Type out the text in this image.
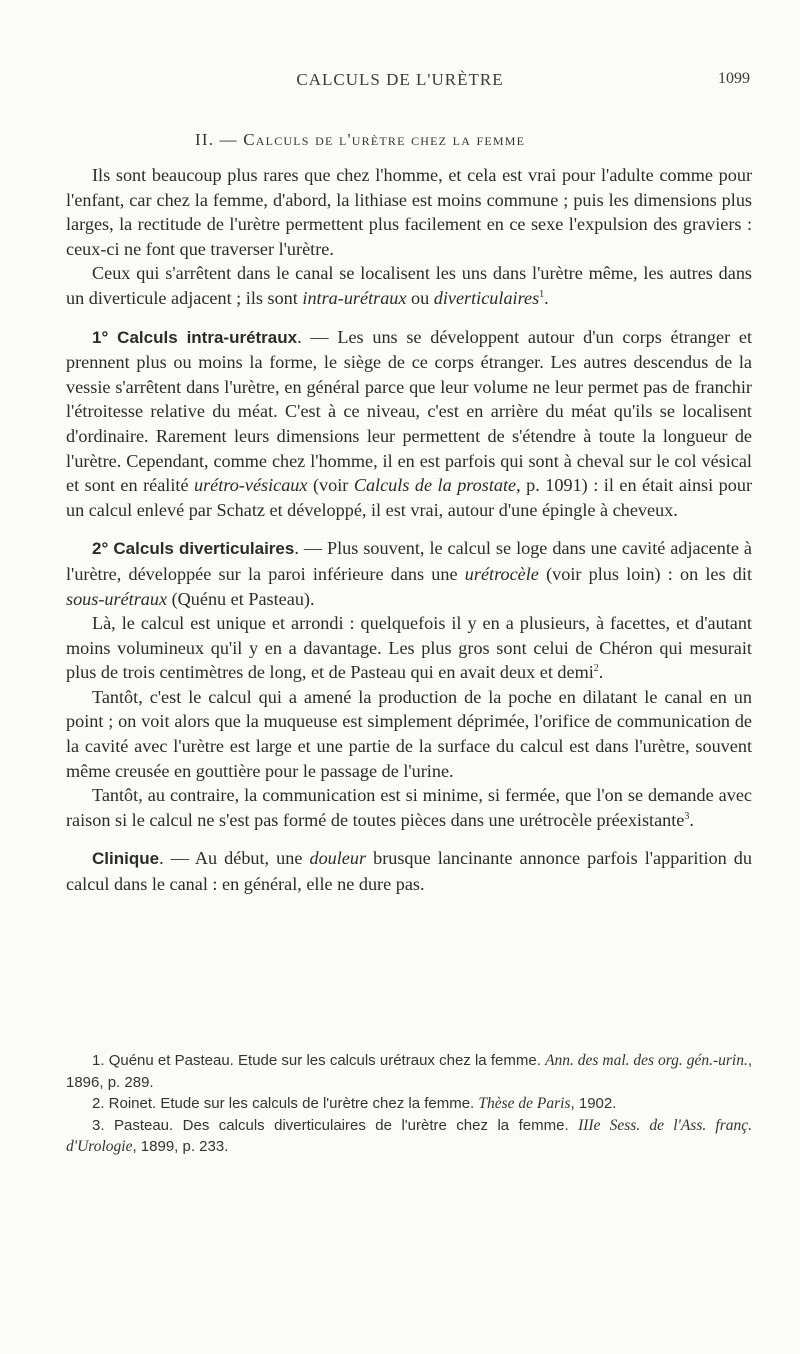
CALCULS DE L'URÈTRE	1099
II. — Calculs de l'urètre chez la femme

Ils sont beaucoup plus rares que chez l'homme, et cela est vrai pour l'adulte comme pour l'enfant, car chez la femme, d'abord, la lithiase est moins commune ; puis les dimensions plus larges, la rectitude de l'urètre permettent plus facilement en ce sexe l'expulsion des graviers : ceux-ci ne font que traverser l'urètre.

Ceux qui s'arrêtent dans le canal se localisent les uns dans l'urètre même, les autres dans un diverticule adjacent ; ils sont intra-urétraux ou diverticulaires$^1$.

1° Calculs intra-urétraux. — Les uns se développent autour d'un corps étranger et prennent plus ou moins la forme, le siège de ce corps étranger. Les autres descendus de la vessie s'arrêtent dans l'urètre, en général parce que leur volume ne leur permet pas de franchir l'étroitesse relative du méat. C'est à ce niveau, c'est en arrière du méat qu'ils se localisent d'ordinaire. Rarement leurs dimensions leur permettent de s'étendre à toute la longueur de l'urètre. Cependant, comme chez l'homme, il en est parfois qui sont à cheval sur le col vésical et sont en réalité urétro-vésicaux (voir Calculs de la prostate, p. 1091) : il en était ainsi pour un calcul enlevé par Schatz et développé, il est vrai, autour d'une épingle à cheveux.

2° Calculs diverticulaires. — Plus souvent, le calcul se loge dans une cavité adjacente à l'urètre, développée sur la paroi inférieure dans une urétrocèle (voir plus loin) : on les dit sous-urétraux (Quénu et Pasteau).

Là, le calcul est unique et arrondi : quelquefois il y en a plusieurs, à facettes, et d'autant moins volumineux qu'il y en a davantage. Les plus gros sont celui de Chéron qui mesurait plus de trois centimètres de long, et de Pasteau qui en avait deux et demi$^2$.

Tantôt, c'est le calcul qui a amené la production de la poche en dilatant le canal en un point ; on voit alors que la muqueuse est simplement déprimée, l'orifice de communication de la cavité avec l'urètre est large et une partie de la surface du calcul est dans l'urètre, souvent même creusée en gouttière pour le passage de l'urine.

Tantôt, au contraire, la communication est si minime, si fermée, que l'on se demande avec raison si le calcul ne s'est pas formé de toutes pièces dans une urétrocèle préexistante$^3$.

Clinique. — Au début, une douleur brusque lancinante annonce parfois l'apparition du calcul dans le canal : en général, elle ne dure pas.

1. Quénu et Pasteau. Etude sur les calculs urétraux chez la femme. Ann. des mal. des org. gén.-urin., 1896, p. 289.

2. Roinet. Etude sur les calculs de l'urètre chez la femme. Thèse de Paris, 1902.

3. Pasteau. Des calculs diverticulaires de l'urètre chez la femme. IIIe Sess. de l'Ass. franç. d'Urologie, 1899, p. 233.
